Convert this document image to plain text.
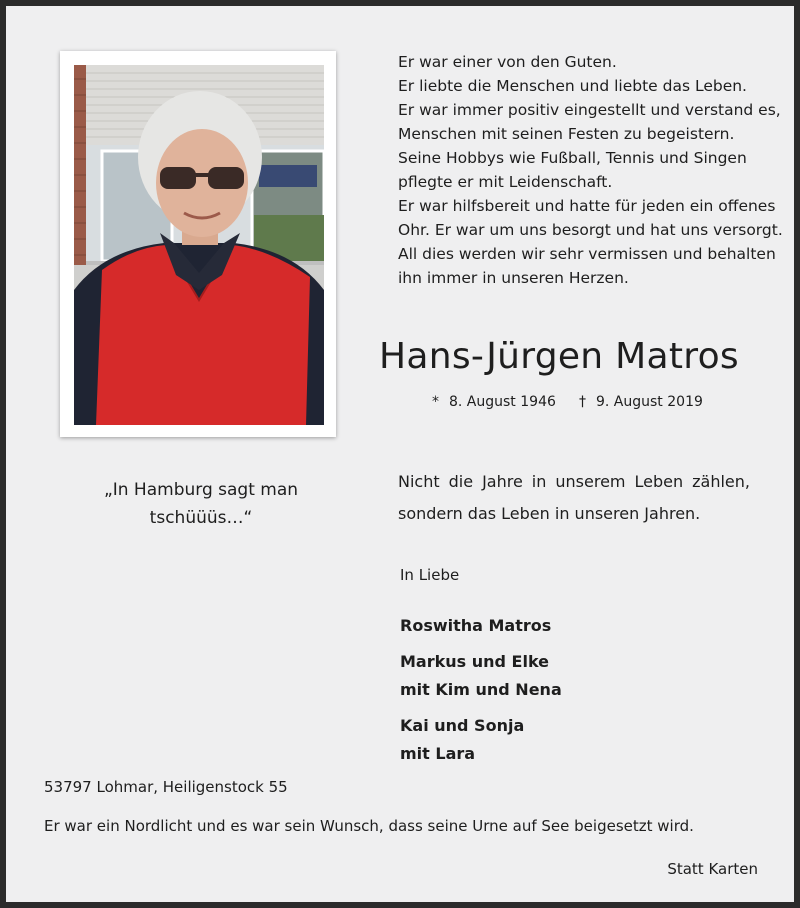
Er war einer von den Guten.
Er liebte die Menschen und liebte das Leben.
Er war immer positiv eingestellt und verstand es,
Menschen mit seinen Festen zu begeistern.
Seine Hobbys wie Fußball, Tennis und Singen
pflegte er mit Leidenschaft.
Er war hilfsbereit und hatte für jeden ein offenes
Ohr. Er war um uns besorgt und hat uns versorgt.
All dies werden wir sehr vermissen und behalten
ihn immer in unseren Herzen.
Hans-Jürgen Matros
* 8. August 1946 † 9. August 2019
„In Hamburg sagt man
tschüüüs…“
Nicht die Jahre in unserem Leben zählen,
sondern das Leben in unseren Jahren.
In Liebe
Roswitha Matros
Markus und Elke
mit Kim und Nena
Kai und Sonja
mit Lara
53797 Lohmar, Heiligenstock 55
Er war ein Nordlicht und es war sein Wunsch, dass seine Urne auf See beigesetzt wird.
Statt Karten
